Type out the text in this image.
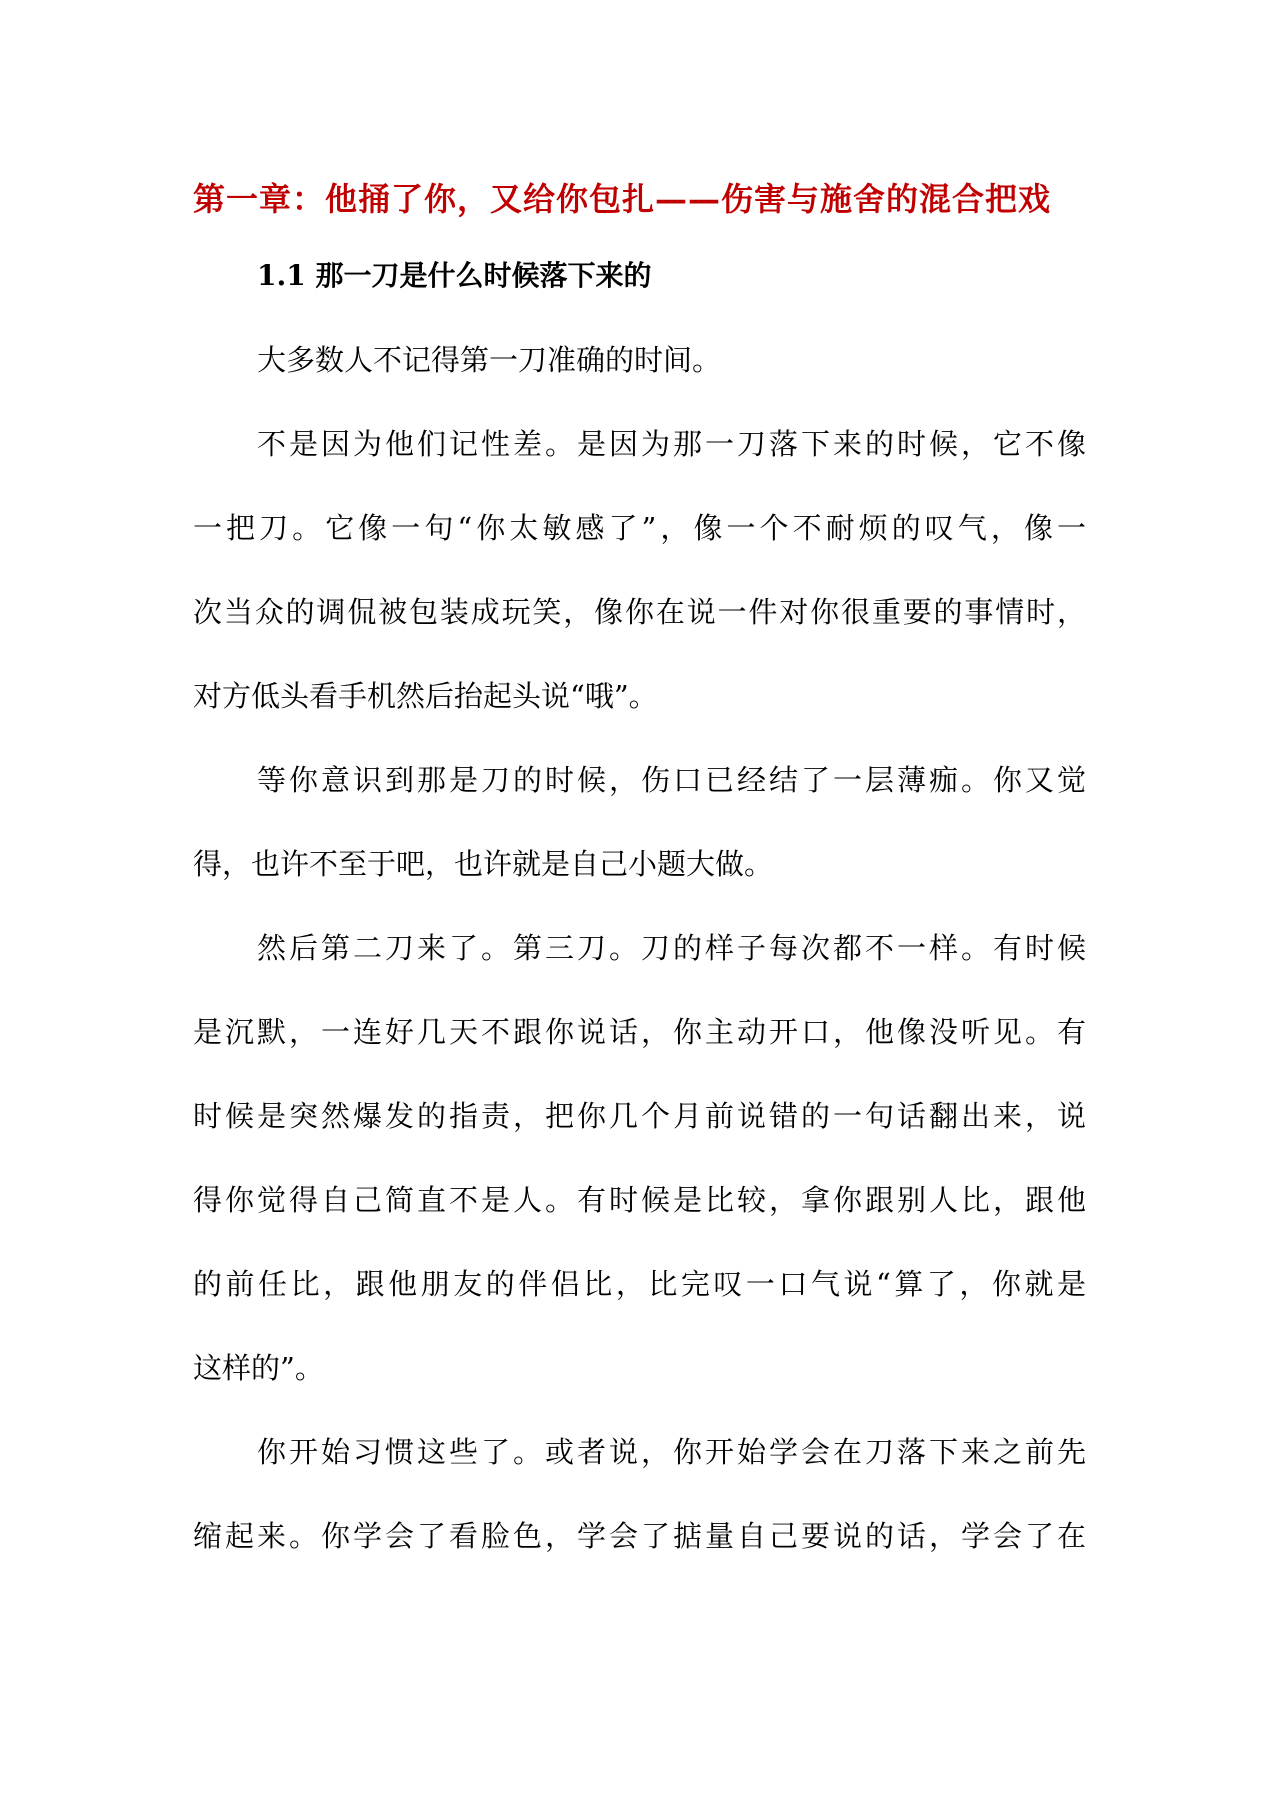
第一章：他捅了你，又给你包扎——伤害与施舍的混合把戏
1.1 那一刀是什么时候落下来的
大多数人不记得第一刀准确的时间。
不是因为他们记性差。是因为那一刀落下来的时候，它不像
一把刀。它像一句“你太敏感了”，像一个不耐烦的叹气，像一
次当众的调侃被包装成玩笑，像你在说一件对你很重要的事情时，
对方低头看手机然后抬起头说“哦”。
等你意识到那是刀的时候，伤口已经结了一层薄痂。你又觉
得，也许不至于吧，也许就是自己小题大做。
然后第二刀来了。第三刀。刀的样子每次都不一样。有时候
是沉默，一连好几天不跟你说话，你主动开口，他像没听见。有
时候是突然爆发的指责，把你几个月前说错的一句话翻出来，说
得你觉得自己简直不是人。有时候是比较，拿你跟别人比，跟他
的前任比，跟他朋友的伴侣比，比完叹一口气说“算了，你就是
这样的”。
你开始习惯这些了。或者说，你开始学会在刀落下来之前先
缩起来。你学会了看脸色，学会了掂量自己要说的话，学会了在
